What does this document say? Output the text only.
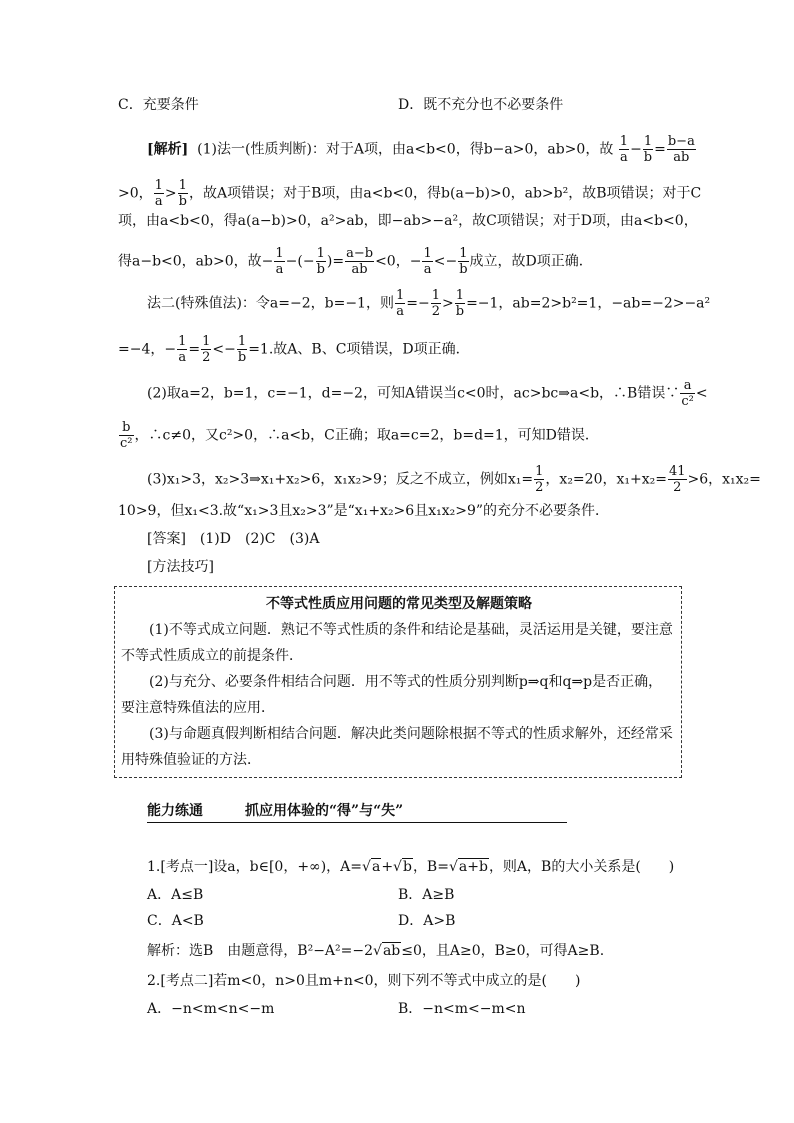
C．充要条件	D．既不充分也不必要条件
[解析] (1)法一(性质判断)：对于A项，由a<b<0，得b−a>0，ab>0，故 $\frac{1}{a} - \frac{1}{b} = \frac{b-a}{ab}$
>0， $\frac{1}{a} > \frac{1}{b}$ ，故A项错误；对于B项，由a<b<0，得b(a−b)>0，ab>b²，故B项错误；对于C
项，由a<b<0，得a(a−b)>0，a²>ab，即−ab>−a²，故C项错误；对于D项，由a<b<0，
得a−b<0，ab>0，故− $\frac{1}{a}$ −(− $\frac{1}{b}$ )= $\frac{a-b}{ab} <0$，− $\frac{1}{a} <- \frac{1}{b}$ 成立，故D项正确．
法二(特殊值法)：令a=−2，b=−1，则 $\frac{1}{a} =- \frac{1}{2} > \frac{1}{b} =-1$，ab=2>b²=1，−ab=−2>−a²
=−4，− $\frac{1}{a} = \frac{1}{2} <- \frac{1}{b} =1$.故A、B、C项错误，D项正确．
(2)取a=2，b=1，c=−1，d=−2，可知A错误当c<0时，ac>bc⇒a<b，∴B错误∵ $\frac{a}{\text{c²}}$ <
$\frac{b}{\text{c²}}$ ，∴c≠0，又c²>0，∴a<b，C正确；取a=c=2，b=d=1，可知D错误．
(3)x₁>3，x₂>3⇒x₁+x₂>6，x₁x₂>9；反之不成立，例如$x_1= \frac{1}{2}$ ，x₂=20，$x_1+x_2= \frac{41}{2} >6$，x₁x₂=
10>9，但x₁<3.故“x₁>3且x₂>3”是“x₁+x₂>6且x₁x₂>9”的充分不必要条件．
[答案]　(1)D　(2)C　(3)A
[方法技巧]
不等式性质应用问题的常见类型及解题策略
(1)不等式成立问题．熟记不等式性质的条件和结论是基础，灵活运用是关键，要注意
不等式性质成立的前提条件．
(2)与充分、必要条件相结合问题．用不等式的性质分别判断p⇒q和q⇒p是否正确，
要注意特殊值法的应用．
(3)与命题真假判断相结合问题．解决此类问题除根据不等式的性质求解外，还经常采
用特殊值验证的方法．
能力练通	抓应用体验的“得”与“失”
1.[考点一]设a，b∈[0，+∞)，A=√a+√b，B=√a+b，则A，B的大小关系是(　　)
A．A≤B	B．A≥B
C．A<B	D．A>B
解析：选B　由题意得，B²−A²=−2√ab≤0，且A≥0，B≥0，可得A≥B.
2.[考点二]若m<0，n>0且m+n<0，则下列不等式中成立的是(　　)
A．−n<m<n<−m	B．−n<m<−m<n
